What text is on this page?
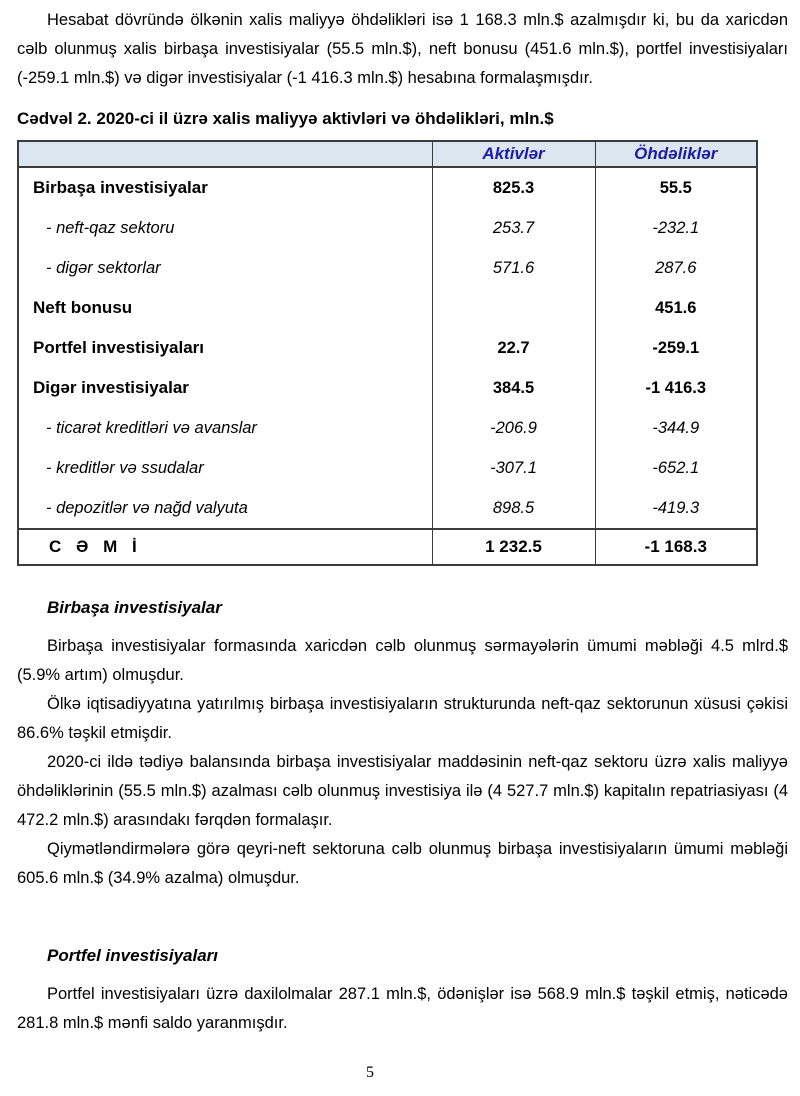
Hesabat dövründə ölkənin xalis maliyyə öhdəlikləri isə 1 168.3 mln.$ azalmışdır ki, bu da xaricdən cəlb olunmuş xalis birbaşa investisiyalar (55.5 mln.$), neft bonusu (451.6 mln.$), portfel investisiyaları (-259.1 mln.$) və digər investisiyalar (-1 416.3 mln.$) hesabına formalaşmışdır.

Cədvəl 2. 2020-ci il üzrə xalis maliyyə aktivləri və öhdəlikləri, mln.$
	Aktivlər	Öhdəliklər
Birbaşa investisiyalar	825.3	55.5
- neft-qaz sektoru	253.7	-232.1
- digər sektorlar	571.6	287.6
Neft bonusu		451.6
Portfel investisiyaları	22.7	-259.1
Digər investisiyalar	384.5	-1 416.3
- ticarət kreditləri və avanslar	-206.9	-344.9
- kreditlər və ssudalar	-307.1	-652.1
- depozitlər və nağd valyuta	898.5	-419.3
C Ə M İ	1 232.5	-1 168.3
Birbaşa investisiyalar

Birbaşa investisiyalar formasında xaricdən cəlb olunmuş sərmayələrin ümumi məbləği 4.5 mlrd.$ (5.9% artım) olmuşdur.

Ölkə iqtisadiyyatına yatırılmış birbaşa investisiyaların strukturunda neft-qaz sektorunun xüsusi çəkisi 86.6% təşkil etmişdir.

2020-ci ildə tədiyə balansında birbaşa investisiyalar maddəsinin neft-qaz sektoru üzrə xalis maliyyə öhdəliklərinin (55.5 mln.$) azalması cəlb olunmuş investisiya ilə (4 527.7 mln.$) kapitalın repatriasiyası (4 472.2 mln.$) arasındakı fərqdən formalaşır.

Qiymətləndirmələrə görə qeyri-neft sektoruna cəlb olunmuş birbaşa investisiyaların ümumi məbləği 605.6 mln.$ (34.9% azalma) olmuşdur.

Portfel investisiyaları

Portfel investisiyaları üzrə daxilolmalar 287.1 mln.$, ödənişlər isə 568.9 mln.$ təşkil etmiş, nəticədə 281.8 mln.$ mənfi saldo yaranmışdır.

5
